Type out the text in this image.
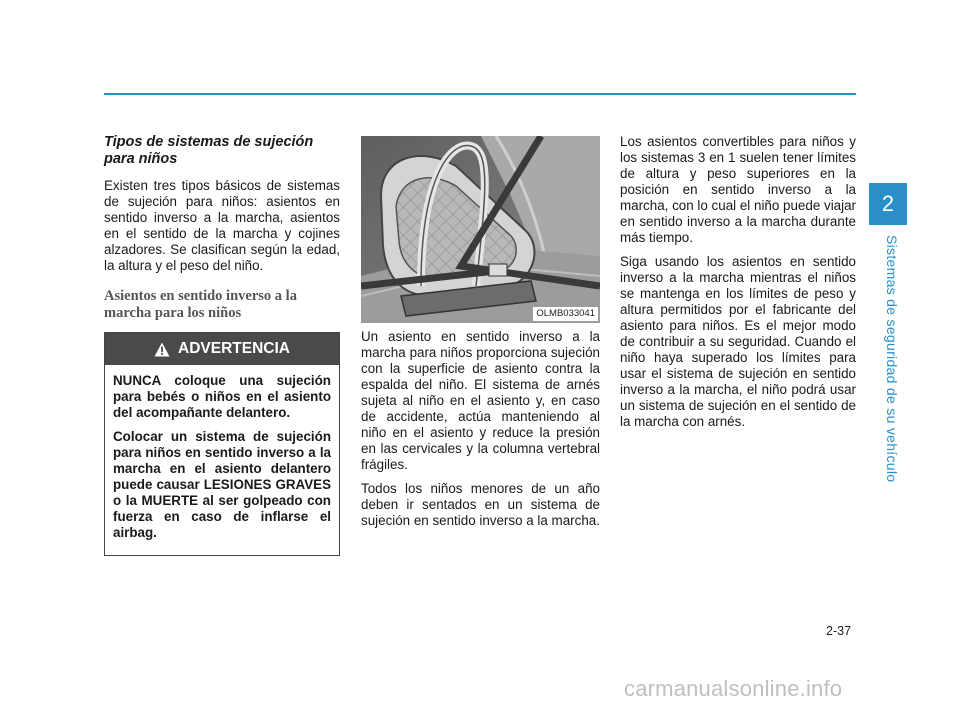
Tipos de sistemas de sujeción para niños

Existen tres tipos básicos de sistemas de sujeción para niños: asientos en sentido inverso a la marcha, asientos en el sentido de la marcha y cojines alzadores. Se clasifican según la edad, la altura y el peso del niño.

Asientos en sentido inverso a la marcha para los niños
ADVERTENCIA

NUNCA coloque una sujeción para bebés o niños en el asiento del acompañante delantero.

Colocar un sistema de sujeción para niños en sentido inverso a la marcha en el asiento delantero puede causar LESIONES GRAVES o la MUERTE al ser golpeado con fuerza en caso de inflarse el airbag.

OLMB033041

Un asiento en sentido inverso a la marcha para niños proporciona sujeción con la superficie de asiento contra la espalda del niño. El sistema de arnés sujeta al niño en el asiento y, en caso de accidente, actúa manteniendo al niño en el asiento y reduce la presión en las cervicales y la columna vertebral frágiles.

Todos los niños menores de un año deben ir sentados en un sistema de sujeción en sentido inverso a la marcha.

Los asientos convertibles para niños y los sistemas 3 en 1 suelen tener límites de altura y peso superiores en la posición en sentido inverso a la marcha, con lo cual el niño puede viajar en sentido inverso a la marcha durante más tiempo.

Siga usando los asientos en sentido inverso a la marcha mientras el niños se mantenga en los límites de peso y altura permitidos por el fabricante del asiento para niños. Es el mejor modo de contribuir a su seguridad. Cuando el niño haya superado los límites para usar el sistema de sujeción en sentido inverso a la marcha, el niño podrá usar un sistema de sujeción en el sentido de la marcha con arnés.

2
Sistemas de seguridad de su vehículo
2-37
carmanualsonline.info
